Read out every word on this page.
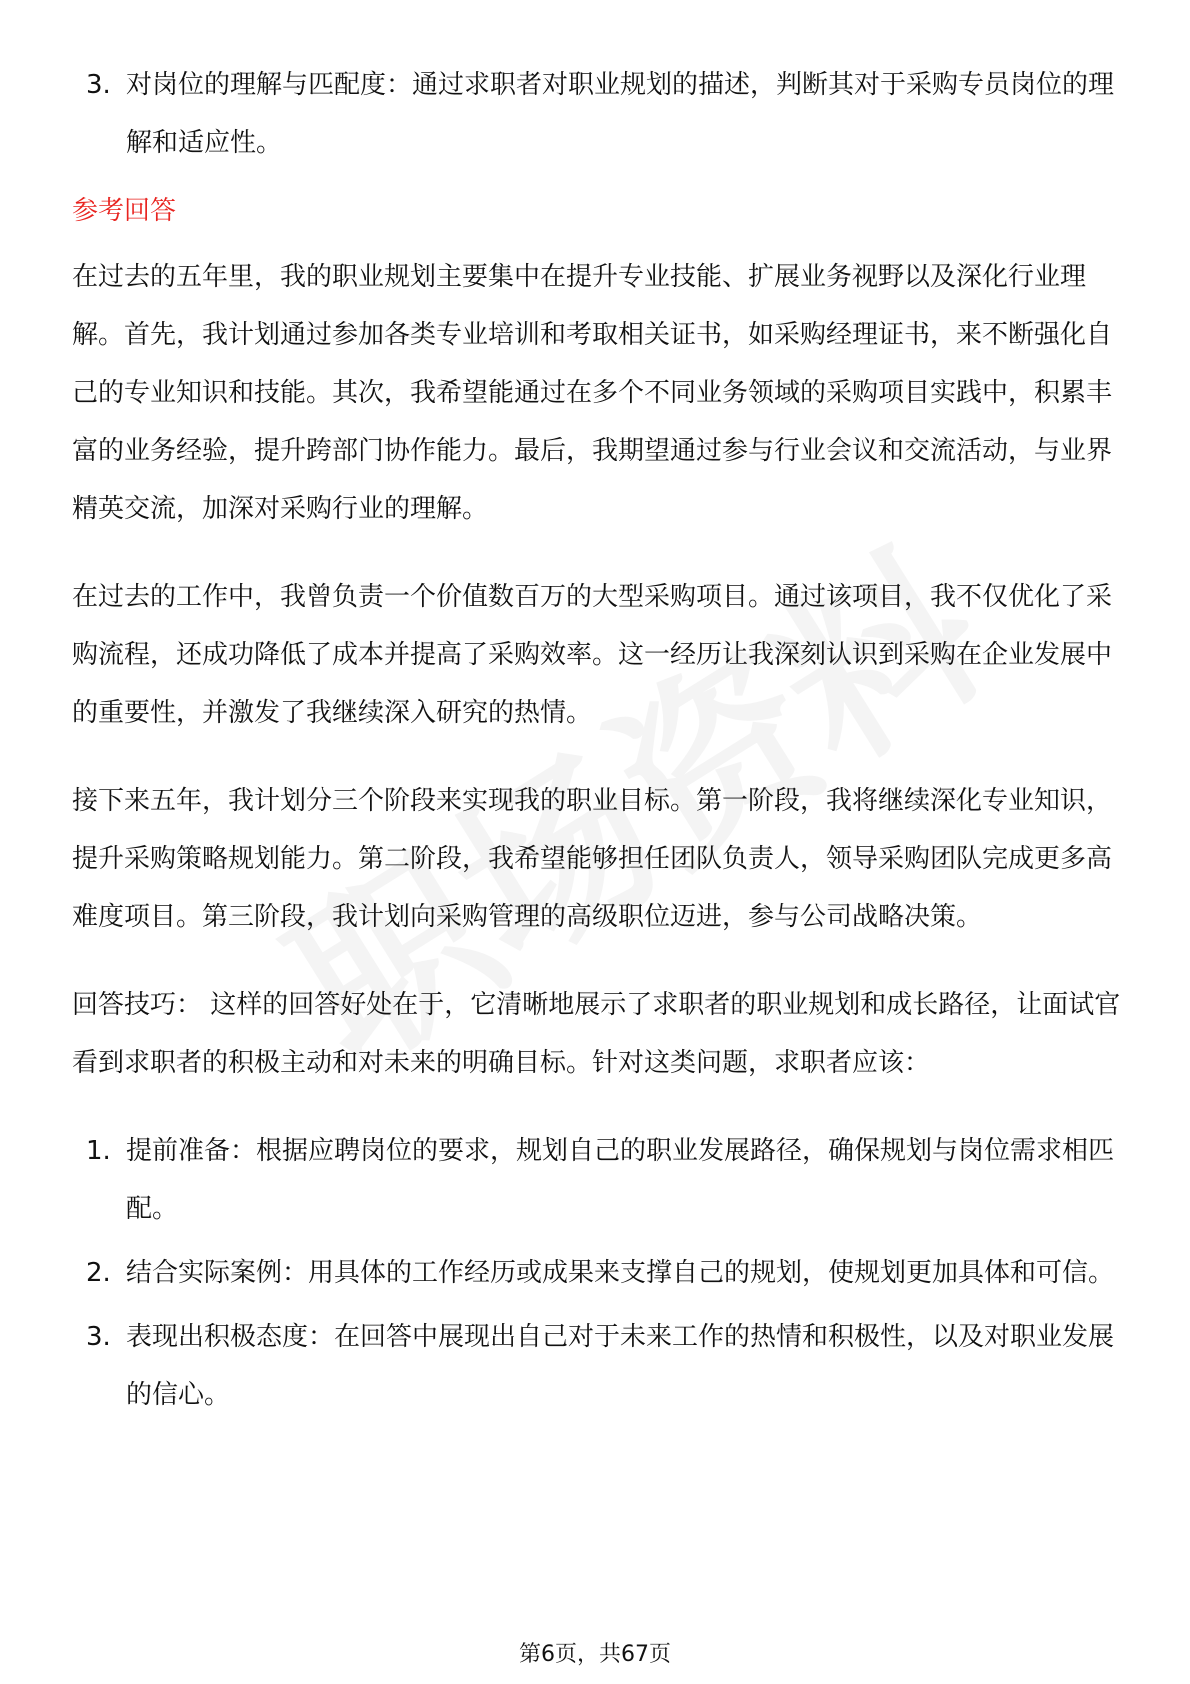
3. 对岗位的理解与匹配度：通过求职者对职业规划的描述，判断其对于采购专员岗位的理解和适应性。
参考回答

在过去的五年里，我的职业规划主要集中在提升专业技能、扩展业务视野以及深化行业理解。首先，我计划通过参加各类专业培训和考取相关证书，如采购经理证书，来不断强化自己的专业知识和技能。其次，我希望能通过在多个不同业务领域的采购项目实践中，积累丰富的业务经验，提升跨部门协作能力。最后，我期望通过参与行业会议和交流活动，与业界精英交流，加深对采购行业的理解。

在过去的工作中，我曾负责一个价值数百万的大型采购项目。通过该项目，我不仅优化了采购流程，还成功降低了成本并提高了采购效率。这一经历让我深刻认识到采购在企业发展中的重要性，并激发了我继续深入研究的热情。

接下来五年，我计划分三个阶段来实现我的职业目标。第一阶段，我将继续深化专业知识，提升采购策略规划能力。第二阶段，我希望能够担任团队负责人，领导采购团队完成更多高难度项目。第三阶段，我计划向采购管理的高级职位迈进，参与公司战略决策。

回答技巧： 这样的回答好处在于，它清晰地展示了求职者的职业规划和成长路径，让面试官看到求职者的积极主动和对未来的明确目标。针对这类问题，求职者应该：

1. 提前准备：根据应聘岗位的要求，规划自己的职业发展路径，确保规划与岗位需求相匹配。
2. 结合实际案例：用具体的工作经历或成果来支撑自己的规划，使规划更加具体和可信。
3. 表现出积极态度：在回答中展现出自己对于未来工作的热情和积极性，以及对职业发展的信心。
第6页，共67页
